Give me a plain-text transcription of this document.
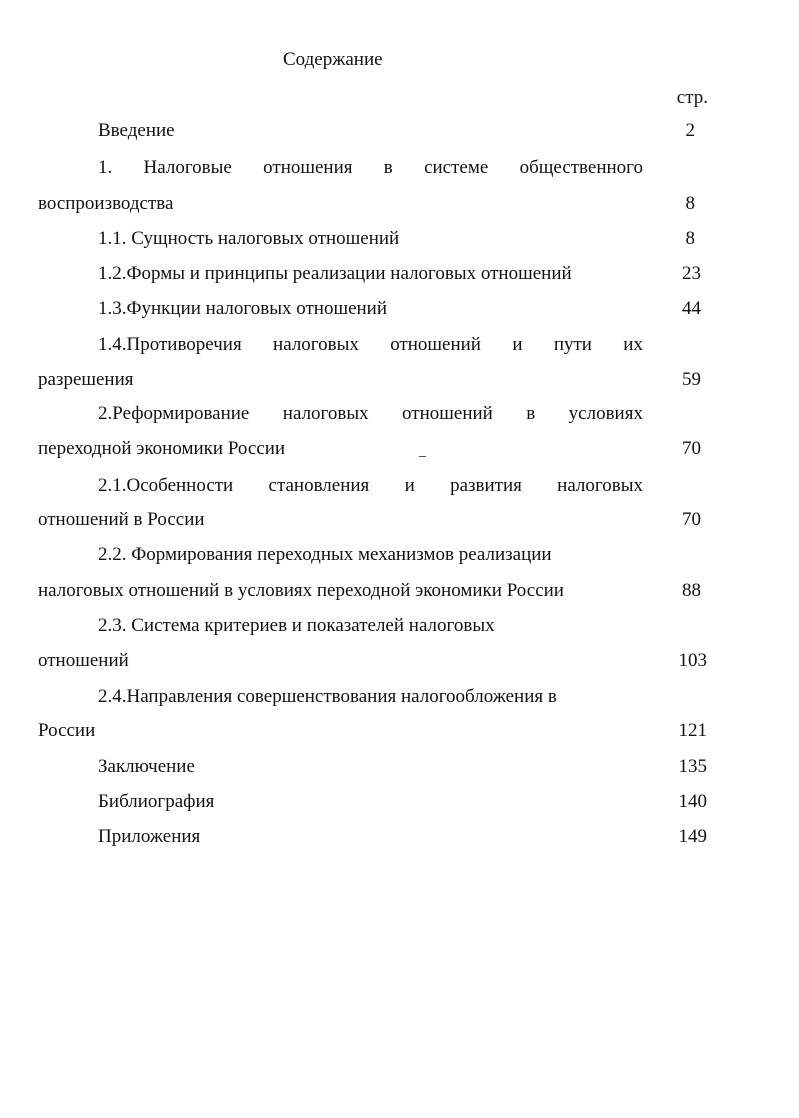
Содержание
стр.
Введение	2
1. Налоговые отношения в системе общественного
воспроизводства	8
1.1. Сущность налоговых отношений	8
1.2.Формы и принципы реализации налоговых отношений	23
1.3.Функции налоговых отношений	44
1.4.Противоречия налоговых отношений и пути их
разрешения	59
2.Реформирование налоговых отношений в условиях
переходной экономики России	70
2.1.Особенности становления и развития налоговых
отношений в России	70
2.2. Формирования переходных механизмов реализации
налоговых отношений в условиях переходной экономики России	88
2.3. Система критериев и показателей налоговых
отношений	103
2.4.Направления совершенствования налогообложения в
России	121
Заключение	135
Библиография	140
Приложения	149
